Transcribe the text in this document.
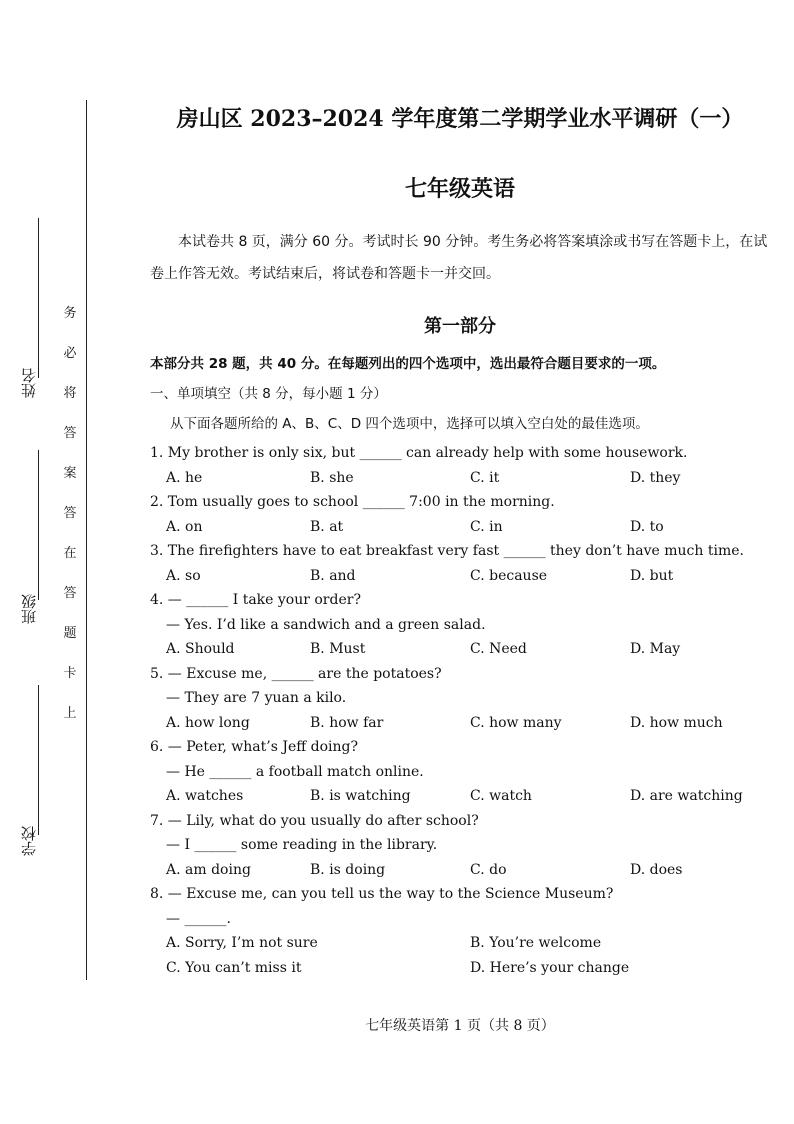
姓名
班级
学校
务
必
将
答
案
答
在
答
题
卡
上
房山区 2023–2024 学年度第二学期学业水平调研（一）
七年级英语
本试卷共 8 页，满分 60 分。考试时长 90 分钟。考生务必将答案填涂或书写在答题卡上，在试卷上作答无效。考试结束后，将试卷和答题卡一并交回。
第一部分
本部分共 28 题，共 40 分。在每题列出的四个选项中，选出最符合题目要求的一项。
一、单项填空（共 8 分，每小题 1 分）
从下面各题所给的 A、B、C、D 四个选项中，选择可以填入空白处的最佳选项。
1. My brother is only six, but ______ can already help with some housework.
A. he	B. she	C. it	D. they
2. Tom usually goes to school ______ 7:00 in the morning.
A. on	B. at	C. in	D. to
3. The firefighters have to eat breakfast very fast ______ they don’t have much time.
A. so	B. and	C. because	D. but
4. — ______ I take your order?
— Yes. I’d like a sandwich and a green salad.
A. Should	B. Must	C. Need	D. May
5. — Excuse me, ______ are the potatoes?
— They are 7 yuan a kilo.
A. how long	B. how far	C. how many	D. how much
6. — Peter, what’s Jeff doing?
— He ______ a football match online.
A. watches	B. is watching	C. watch	D. are watching
7. — Lily, what do you usually do after school?
— I ______ some reading in the library.
A. am doing	B. is doing	C. do	D. does
8. — Excuse me, can you tell us the way to the Science Museum?
— ______.
A. Sorry, I’m not sure	B. You’re welcome
C. You can’t miss it	D. Here’s your change
七年级英语第 1 页（共 8 页）
